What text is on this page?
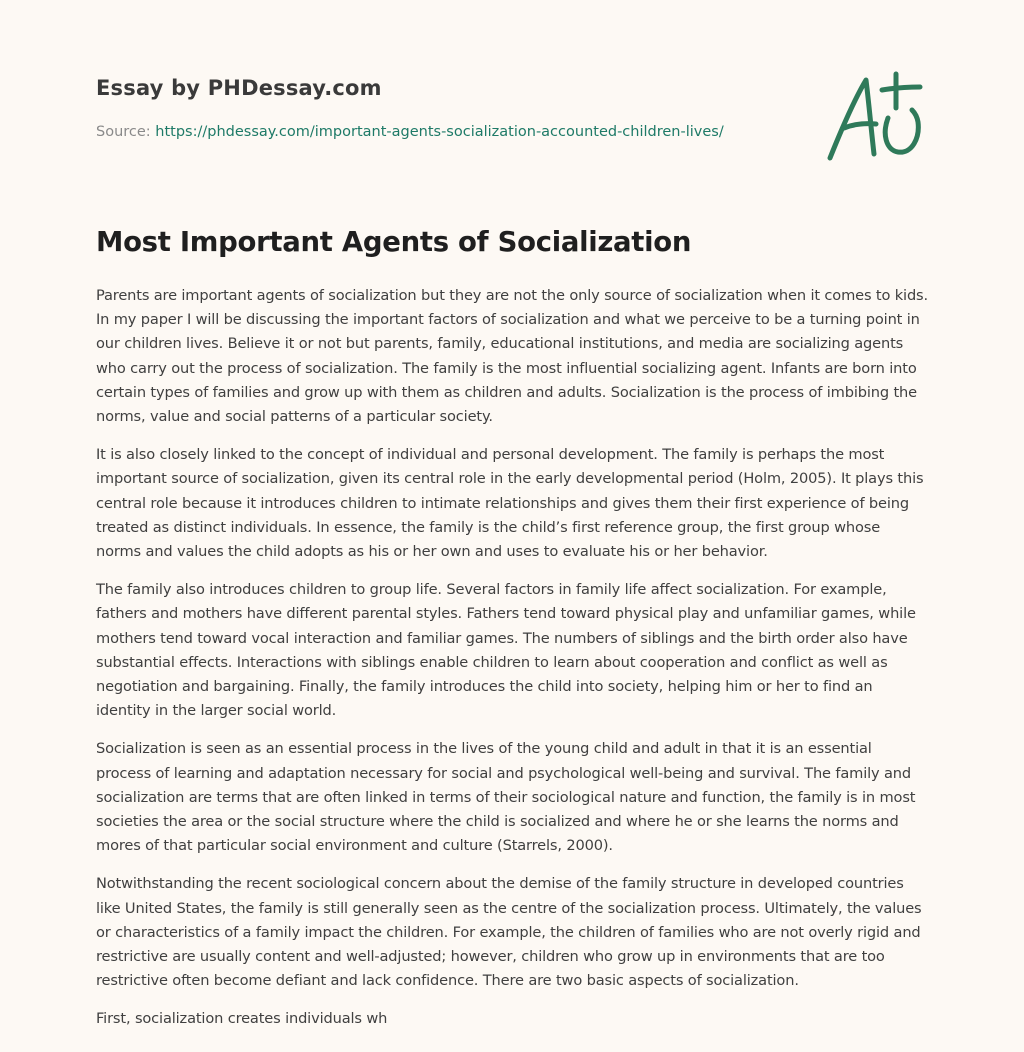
Essay by PHDessay.com
Source: https://phdessay.com/important-agents-socialization-accounted-children-lives/
Most Important Agents of Socialization

Parents are important agents of socialization but they are not the only source of socialization when it comes to kids. In my paper I will be discussing the important factors of socialization and what we perceive to be a turning point in our children lives. Believe it or not but parents, family, educational institutions, and media are socializing agents who carry out the process of socialization. The family is the most influential socializing agent. Infants are born into certain types of families and grow up with them as children and adults. Socialization is the process of imbibing the norms, value and social patterns of a particular society.

It is also closely linked to the concept of individual and personal development. The family is perhaps the most important source of socialization, given its central role in the early developmental period (Holm, 2005). It plays this central role because it introduces children to intimate relationships and gives them their first experience of being treated as distinct individuals. In essence, the family is the child’s first reference group, the first group whose norms and values the child adopts as his or her own and uses to evaluate his or her behavior.

The family also introduces children to group life. Several factors in family life affect socialization. For example, fathers and mothers have different parental styles. Fathers tend toward physical play and unfamiliar games, while mothers tend toward vocal interaction and familiar games. The numbers of siblings and the birth order also have substantial effects. Interactions with siblings enable children to learn about cooperation and conflict as well as negotiation and bargaining. Finally, the family introduces the child into society, helping him or her to find an identity in the larger social world.

Socialization is seen as an essential process in the lives of the young child and adult in that it is an essential process of learning and adaptation necessary for social and psychological well-being and survival. The family and socialization are terms that are often linked in terms of their sociological nature and function, the family is in most societies the area or the social structure where the child is socialized and where he or she learns the norms and mores of that particular social environment and culture (Starrels, 2000).

Notwithstanding the recent sociological concern about the demise of the family structure in developed countries like United States, the family is still generally seen as the centre of the socialization process. Ultimately, the values or characteristics of a family impact the children. For example, the children of families who are not overly rigid and restrictive are usually content and well-adjusted; however, children who grow up in environments that are too restrictive often become defiant and lack confidence. There are two basic aspects of socialization.

First, socialization creates individuals wh
